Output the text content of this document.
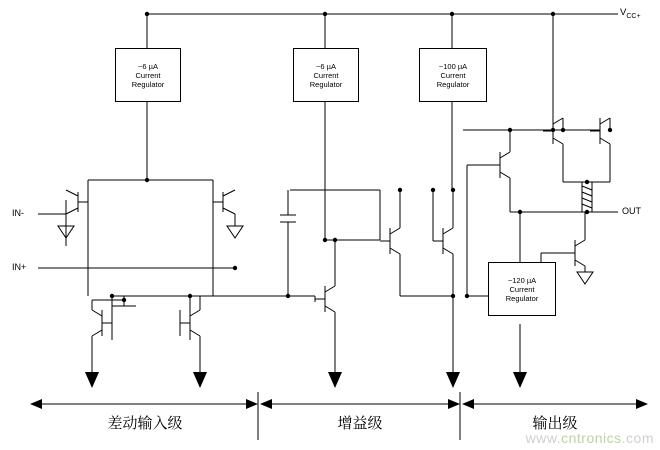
~6 µA
Current
Regulator
~6 µA
Current
Regulator
~100 µA
Current
Regulator
~120 µA
Current
Regulator
$V_{CC+}$
IN-
IN+
OUT
差动输入级	增益级	输出级
www.cntronics.com
